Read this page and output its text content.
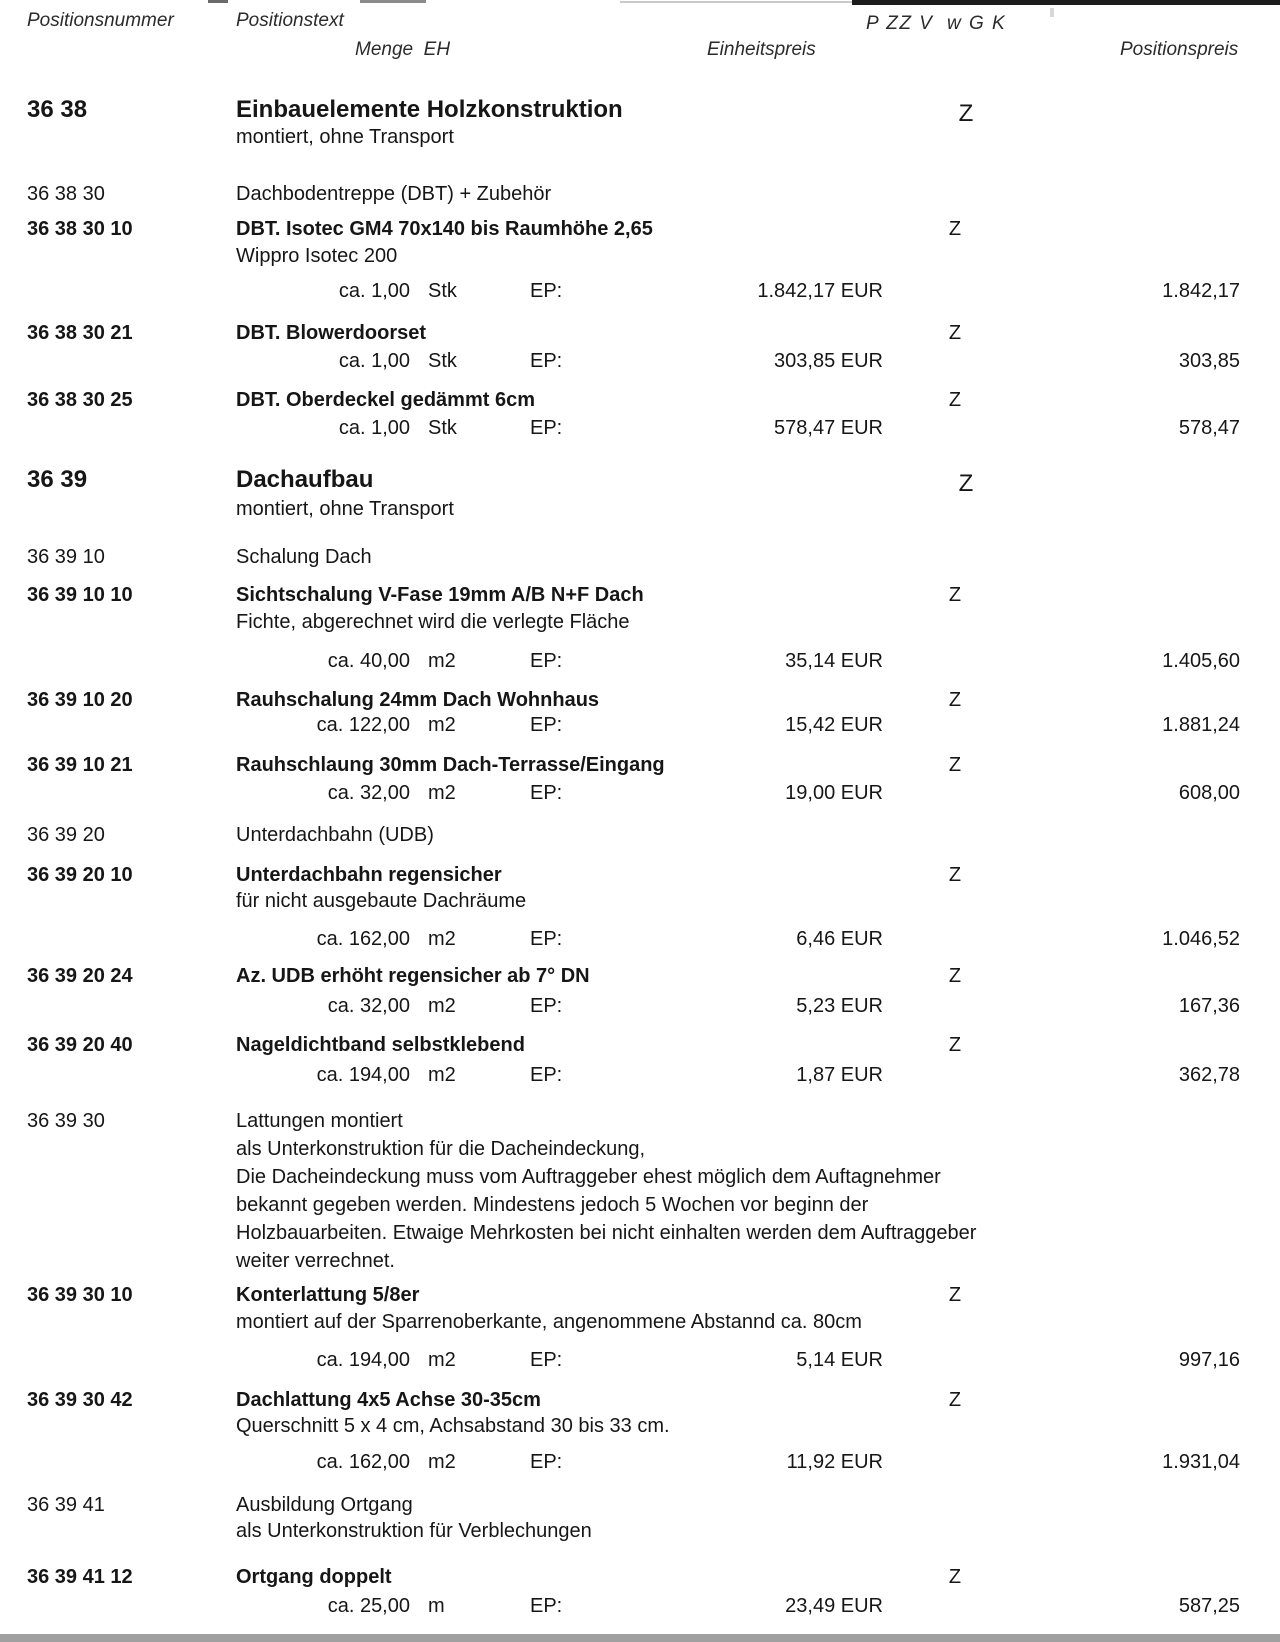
Positionsnummer	Positionstext	P ZZ V  w G K
Menge  EH	Einheitspreis	Positionspreis
36 38	Einbauelemente Holzkonstruktion	Z
montiert, ohne Transport
36 38 30	Dachbodentreppe (DBT) + Zubehör
36 38 30 10	DBT. Isotec GM4 70x140 bis Raumhöhe 2,65	Z
Wippro Isotec 200
ca. 1,00 Stk	EP:	1.842,17 EUR	1.842,17
36 38 30 21	DBT. Blowerdoorset	Z
ca. 1,00 Stk	EP:	303,85 EUR	303,85
36 38 30 25	DBT. Oberdeckel gedämmt 6cm	Z
ca. 1,00 Stk	EP:	578,47 EUR	578,47
36 39	Dachaufbau	Z
montiert, ohne Transport
36 39 10	Schalung Dach
36 39 10 10	Sichtschalung V-Fase 19mm A/B N+F Dach	Z
Fichte, abgerechnet wird die verlegte Fläche
ca. 40,00 m2	EP:	35,14 EUR	1.405,60
36 39 10 20	Rauhschalung 24mm Dach Wohnhaus	Z
ca. 122,00 m2	EP:	15,42 EUR	1.881,24
36 39 10 21	Rauhschlaung 30mm Dach-Terrasse/Eingang	Z
ca. 32,00 m2	EP:	19,00 EUR	608,00
36 39 20	Unterdachbahn (UDB)
36 39 20 10	Unterdachbahn regensicher	Z
für nicht ausgebaute Dachräume
ca. 162,00 m2	EP:	6,46 EUR	1.046,52
36 39 20 24	Az. UDB erhöht regensicher ab 7° DN	Z
ca. 32,00 m2	EP:	5,23 EUR	167,36
36 39 20 40	Nageldichtband selbstklebend	Z
ca. 194,00 m2	EP:	1,87 EUR	362,78
36 39 30	Lattungen montiert
als Unterkonstruktion für die Dacheindeckung,
Die Dacheindeckung muss vom Auftraggeber ehest möglich dem Auftagnehmer
bekannt gegeben werden. Mindestens jedoch 5 Wochen vor beginn der
Holzbauarbeiten. Etwaige Mehrkosten bei nicht einhalten werden dem Auftraggeber
weiter verrechnet.
36 39 30 10	Konterlattung 5/8er	Z
montiert auf der Sparrenoberkante, angenommene Abstannd ca. 80cm
ca. 194,00 m2	EP:	5,14 EUR	997,16
36 39 30 42	Dachlattung 4x5 Achse 30-35cm	Z
Querschnitt 5 x 4 cm, Achsabstand 30 bis 33 cm.
ca. 162,00 m2	EP:	11,92 EUR	1.931,04
36 39 41	Ausbildung Ortgang
als Unterkonstruktion für Verblechungen
36 39 41 12	Ortgang doppelt	Z
ca. 25,00 m	EP:	23,49 EUR	587,25
